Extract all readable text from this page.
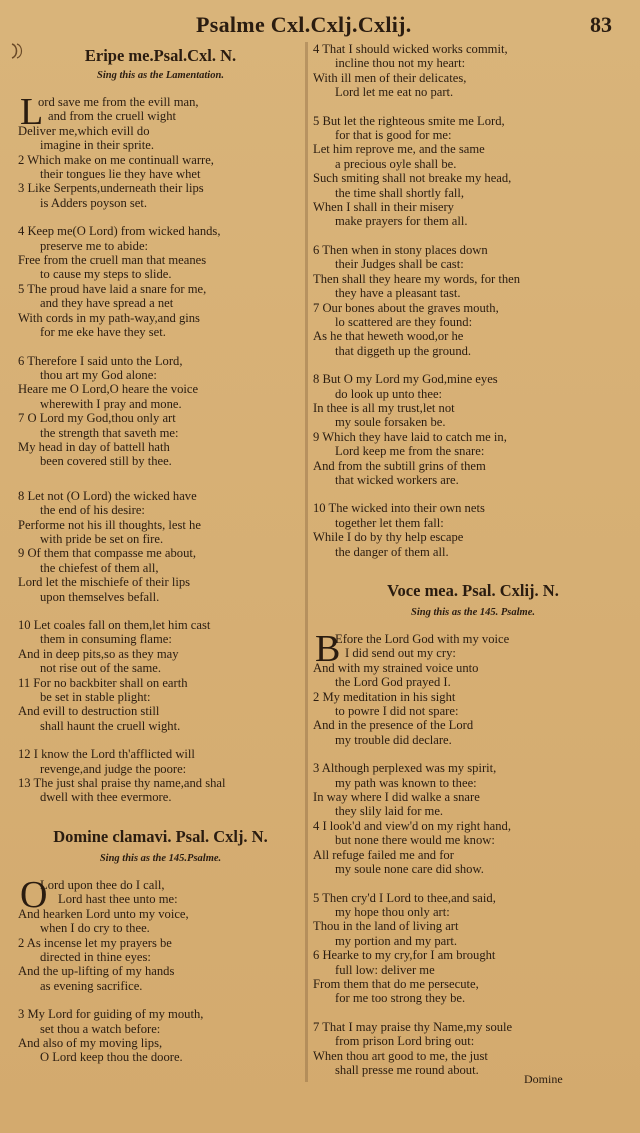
Psalme Cxl.Cxlj.Cxlij.	83

Eripe me.Psal.Cxl. N.

Sing this as the Lamentation.

L

ord save me from the evill man,

and from the cruell wight

Deliver me,which evill do

imagine in their sprite.

2 Which make on me continuall warre,

their tongues lie they have whet

3 Like Serpents,underneath their lips

is Adders poyson set.

4 Keep me(O Lord) from wicked hands,

preserve me to abide:

Free from the cruell man that meanes

to cause my steps to slide.

5 The proud have laid a snare for me,

and they have spread a net

With cords in my path-way,and gins

for me eke have they set.

6 Therefore I said unto the Lord,

thou art my God alone:

Heare me O Lord,O heare the voice

wherewith I pray and mone.

7 O Lord my God,thou only art

the strength that saveth me:

My head in day of battell hath

been covered still by thee.

8 Let not (O Lord) the wicked have

the end of his desire:

Performe not his ill thoughts, lest he

with pride be set on fire.

9 Of them that compasse me about,

the chiefest of them all,

Lord let the mischiefe of their lips

upon themselves befall.

10 Let coales fall on them,let him cast

them in consuming flame:

And in deep pits,so as they may

not rise out of the same.

11 For no backbiter shall on earth

be set in stable plight:

And evill to destruction still

shall haunt the cruell wight.

12 I know the Lord th'afflicted will

revenge,and judge the poore:

13 The just shal praise thy name,and shal

dwell with thee evermore.

Domine clamavi. Psal. Cxlj. N.

Sing this as the 145.Psalme.

O

Lord upon thee do I call,

Lord hast thee unto me:

And hearken Lord unto my voice,

when I do cry to thee.

2 As incense let my prayers be

directed in thine eyes:

And the up-lifting of my hands

as evening sacrifice.

3 My Lord for guiding of my mouth,

set thou a watch before:

And also of my moving lips,

O Lord keep thou the doore.

4 That I should wicked works commit,

incline thou not my heart:

With ill men of their delicates,

Lord let me eat no part.

5 But let the righteous smite me Lord,

for that is good for me:

Let him reprove me, and the same

a precious oyle shall be.

Such smiting shall not breake my head,

the time shall shortly fall,

When I shall in their misery

make prayers for them all.

6 Then when in stony places down

their Judges shall be cast:

Then shall they heare my words, for then

they have a pleasant tast.

7 Our bones about the graves mouth,

lo scattered are they found:

As he that heweth wood,or he

that diggeth up the ground.

8 But O my Lord my God,mine eyes

do look up unto thee:

In thee is all my trust,let not

my soule forsaken be.

9 Which they have laid to catch me in,

Lord keep me from the snare:

And from the subtill grins of them

that wicked workers are.

10 The wicked into their own nets

together let them fall:

While I do by thy help escape

the danger of them all.

Voce mea. Psal. Cxlij. N.

Sing this as the 145. Psalme.

B

Efore the Lord God with my voice

I did send out my cry:

And with my strained voice unto

the Lord God prayed I.

2 My meditation in his sight

to powre I did not spare:

And in the presence of the Lord

my trouble did declare.

3 Although perplexed was my spirit,

my path was known to thee:

In way where I did walke a snare

they slily laid for me.

4 I look'd and view'd on my right hand,

but none there would me know:

All refuge failed me and for

my soule none care did show.

5 Then cry'd I Lord to thee,and said,

my hope thou only art:

Thou in the land of living art

my portion and my part.

6 Hearke to my cry,for I am brought

full low: deliver me

From them that do me persecute,

for me too strong they be.

7 That I may praise thy Name,my soule

from prison Lord bring out:

When thou art good to me, the just

shall presse me round about.

Domine
